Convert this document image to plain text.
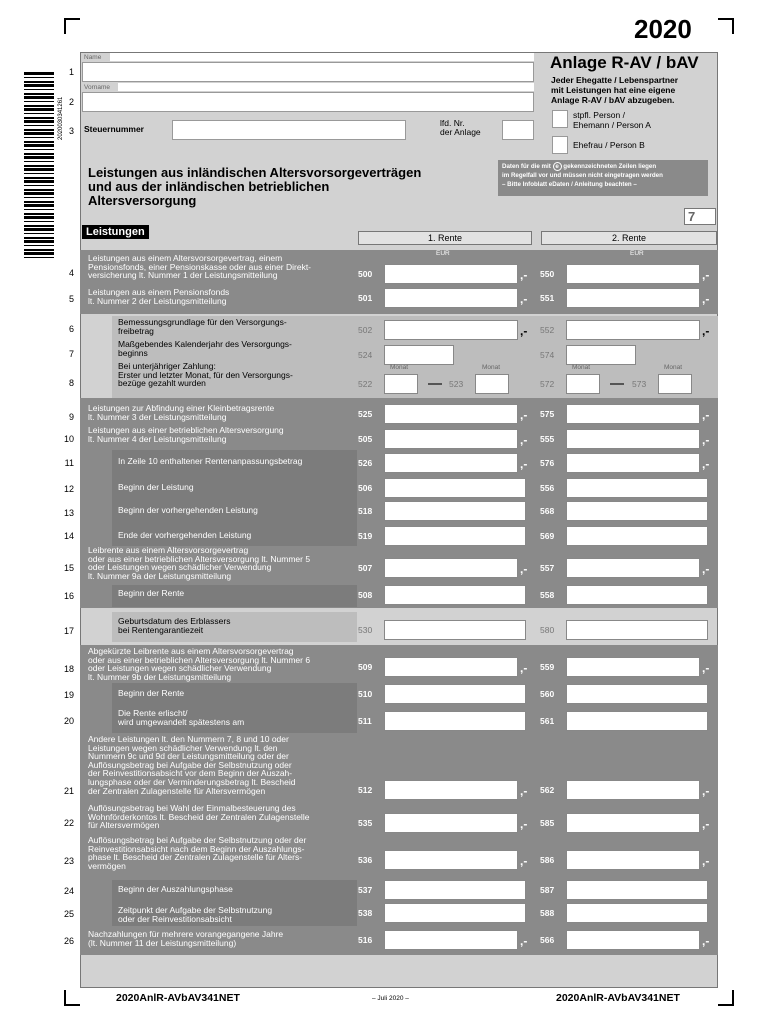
2020
2020030341261
Name
Vorname
Steuernummer
lfd. Nr.
der Anlage
Anlage R-AV / bAV
Jeder Ehegatte / Lebenspartner
mit Leistungen hat eine eigene
Anlage R-AV / bAV abzugeben.
stpfl. Person /
Ehemann / Person A
Ehefrau / Person B
Leistungen aus inländischen Altersvorsorgeverträgen
und aus der inländischen betrieblichen
Altersversorgung
Daten für die mit e gekennzeichneten Zeilen liegen
im Regelfall vor und müssen nicht eingetragen werden
– Bitte Infoblatt eDaten / Anleitung beachten –
7
Leistungen	1. Rente	2. Rente
1
2
3
EUR	EUR
4
Leistungen aus einem Altersvorsorgevertrag, einem
Pensionsfonds, einer Pensionskasse oder aus einer Direkt-
versicherung lt. Nummer 1 der Leistungsmitteilung	500	550
,-	,-	e
5
Leistungen aus einem Pensionsfonds
lt. Nummer 2 der Leistungsmitteilung	501	551
,-	,-	e
6
Bemessungsgrundlage für den Versorgungs-
freibetrag	502	552
,-	,-
7
Maßgebendes Kalenderjahr des Versorgungs-
beginns	524	574
8
Bei unterjähriger Zahlung:
Erster und letzter Monat, für den Versorgungs-
bezüge gezahlt wurden	522	572
Monat	Monat	Monat	Monat
523	573
9
Leistungen zur Abfindung einer Kleinbetragsrente
lt. Nummer 3 der Leistungsmitteilung	525	575
,-	,-	e
10
Leistungen aus einer betrieblichen Altersversorgung
lt. Nummer 4 der Leistungsmitteilung	505	555
,-	,-	e
11	In Zeile 10 enthaltener Rentenanpassungsbetrag	526	576
,-	,-	e
12	Beginn der Leistung	506	556	e
13	Beginn der vorhergehenden Leistung	518	568	e
14	Ende der vorhergehenden Leistung	519	569	e
15
Leibrente aus einem Altersvorsorgevertrag
oder aus einer betrieblichen Altersversorgung lt. Nummer 5
oder Leistungen wegen schädlicher Verwendung
lt. Nummer 9a der Leistungsmitteilung
507	557
,-	,-	e
16	Beginn der Rente	508	558	e
17
Geburtsdatum des Erblassers
bei Rentengarantiezeit	530	580
18
Abgekürzte Leibrente aus einem Altersvorsorgevertrag
oder aus einer betrieblichen Altersversorgung lt. Nummer 6
oder Leistungen wegen schädlicher Verwendung
lt. Nummer 9b der Leistungsmitteilung
509	559
,-	,-	e
19	Beginn der Rente	510	560	e
20
Die Rente erlischt/
wird umgewandelt spätestens am	511	561	e
21
Andere Leistungen lt. den Nummern 7, 8 und 10 oder
Leistungen wegen schädlicher Verwendung lt. den
Nummern 9c und 9d der Leistungsmitteilung oder der
Auflösungsbetrag bei Aufgabe der Selbstnutzung oder
der Reinvestitionsabsicht vor dem Beginn der Auszah-
lungsphase oder der Verminderungsbetrag lt. Bescheid
der Zentralen Zulagenstelle für Altersvermögen	512	562
,-	,-	e
22
Auflösungsbetrag bei Wahl der Einmalbesteuerung des
Wohnförderkontos lt. Bescheid der Zentralen Zulagenstelle
für Altersvermögen	535	585
,-	,-	e
23
Auflösungsbetrag bei Aufgabe der Selbstnutzung oder der
Reinvestitionsabsicht nach dem Beginn der Auszahlungs-
phase lt. Bescheid der Zentralen Zulagenstelle für Alters-
vermögen
536	586
,-	,-	e
24	Beginn der Auszahlungsphase	537	587	e
25	Zeitpunkt der Aufgabe der Selbstnutzung
oder der Reinvestitionsabsicht
538	588	e
26
Nachzahlungen für mehrere vorangegangene Jahre
(lt. Nummer 11 der Leistungsmitteilung)	516	566
,-	,-	e
2020AnlR-AVbAV341NET	– Juli 2020 –	2020AnlR-AVbAV341NET
